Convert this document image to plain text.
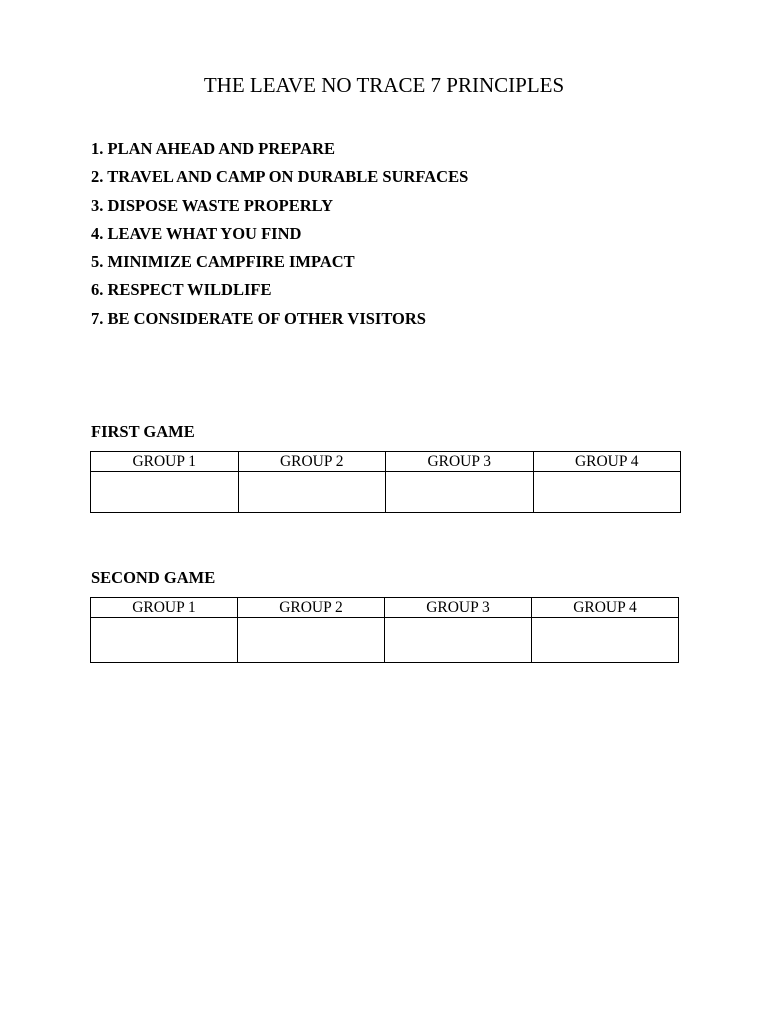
THE LEAVE NO TRACE 7 PRINCIPLES
1. PLAN AHEAD AND PREPARE
2. TRAVEL AND CAMP ON DURABLE SURFACES
3. DISPOSE WASTE PROPERLY
4. LEAVE WHAT YOU FIND
5. MINIMIZE CAMPFIRE IMPACT
6. RESPECT WILDLIFE
7. BE CONSIDERATE OF OTHER VISITORS
FIRST GAME
GROUP 1	GROUP 2	GROUP 3	GROUP 4

SECOND GAME
GROUP 1	GROUP 2	GROUP 3	GROUP 4
